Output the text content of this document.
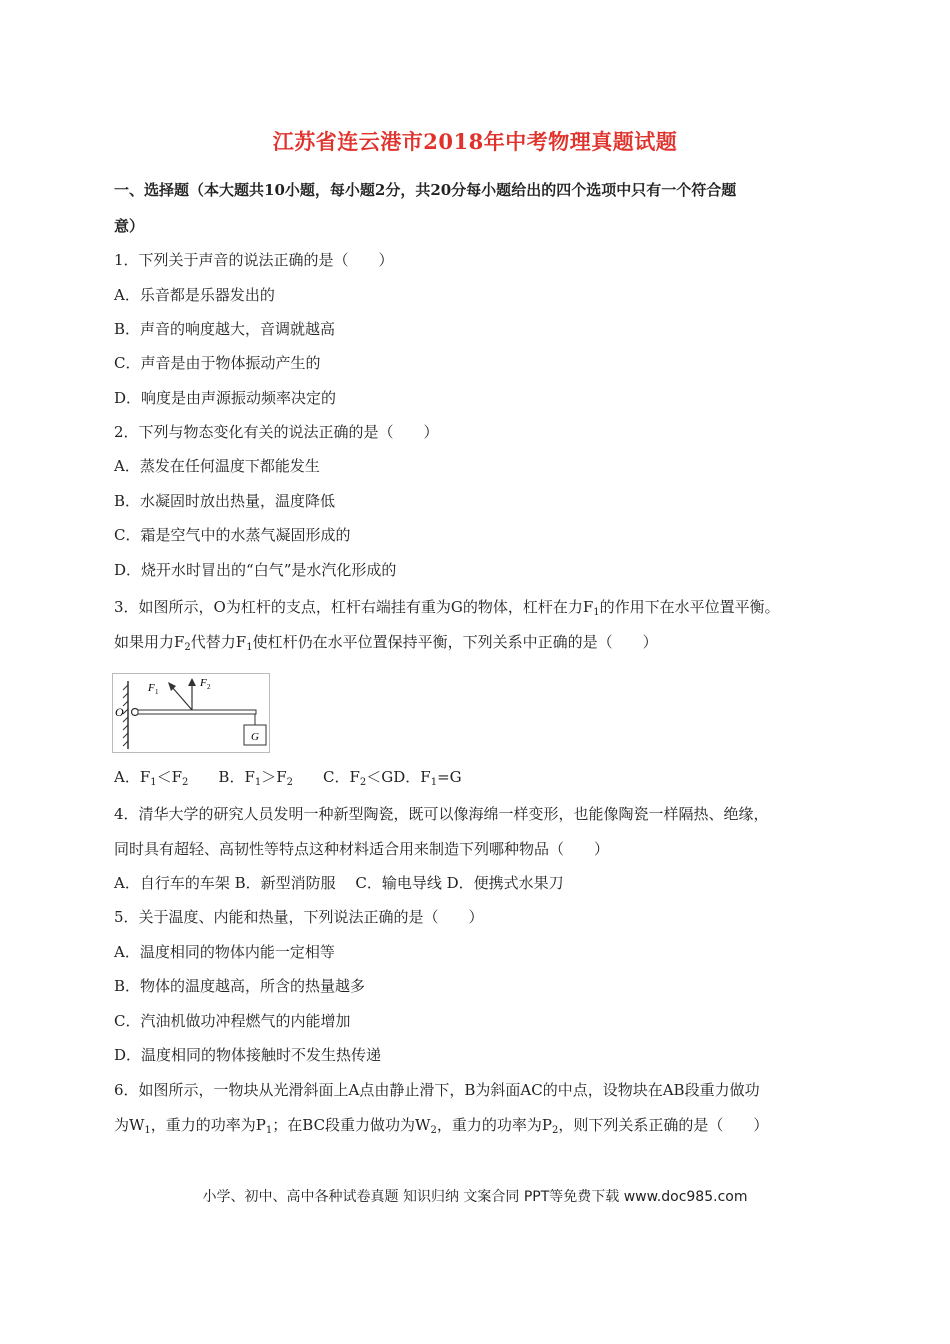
江苏省连云港市2018年中考物理真题试题
一、选择题（本大题共10小题，每小题2分，共20分每小题给出的四个选项中只有一个符合题
意）
1．下列关于声音的说法正确的是（　　）
A．乐音都是乐器发出的
B．声音的响度越大，音调就越高
C．声音是由于物体振动产生的
D．响度是由声源振动频率决定的
2．下列与物态变化有关的说法正确的是（　　）
A．蒸发在任何温度下都能发生
B．水凝固时放出热量，温度降低
C．霜是空气中的水蒸气凝固形成的
D．烧开水时冒出的“白气”是水汽化形成的
3．如图所示，O为杠杆的支点，杠杆右端挂有重为G的物体，杠杆在力$F_1$的作用下在水平位置平衡。
如果用力$F_2$代替力$F_1$使杠杆仍在水平位置保持平衡，下列关系中正确的是（　　）
G
O
F 1
F 2
A．$F_1<F_2$ B．$F_1>F_2$ C．$F_2<GD$．$F_1=G$
4．清华大学的研究人员发明一种新型陶瓷，既可以像海绵一样变形，也能像陶瓷一样隔热、绝缘，
同时具有超轻、高韧性等特点这种材料适合用来制造下列哪种物品（　　）
A．自行车的车架 B．新型消防服　 C．输电导线 D．便携式水果刀
5．关于温度、内能和热量，下列说法正确的是（　　）
A．温度相同的物体内能一定相等
B．物体的温度越高，所含的热量越多
C．汽油机做功冲程燃气的内能增加
D．温度相同的物体接触时不发生热传递
6．如图所示，一物块从光滑斜面上A点由静止滑下，B为斜面AC的中点，设物块在AB段重力做功
为$W_1$，重力的功率为$P_1$；在BC段重力做功为$W_2$，重力的功率为$P_2$，则下列关系正确的是（　　）
小学、初中、高中各种试卷真题 知识归纳 文案合同 PPT等免费下载 www.doc985.com
